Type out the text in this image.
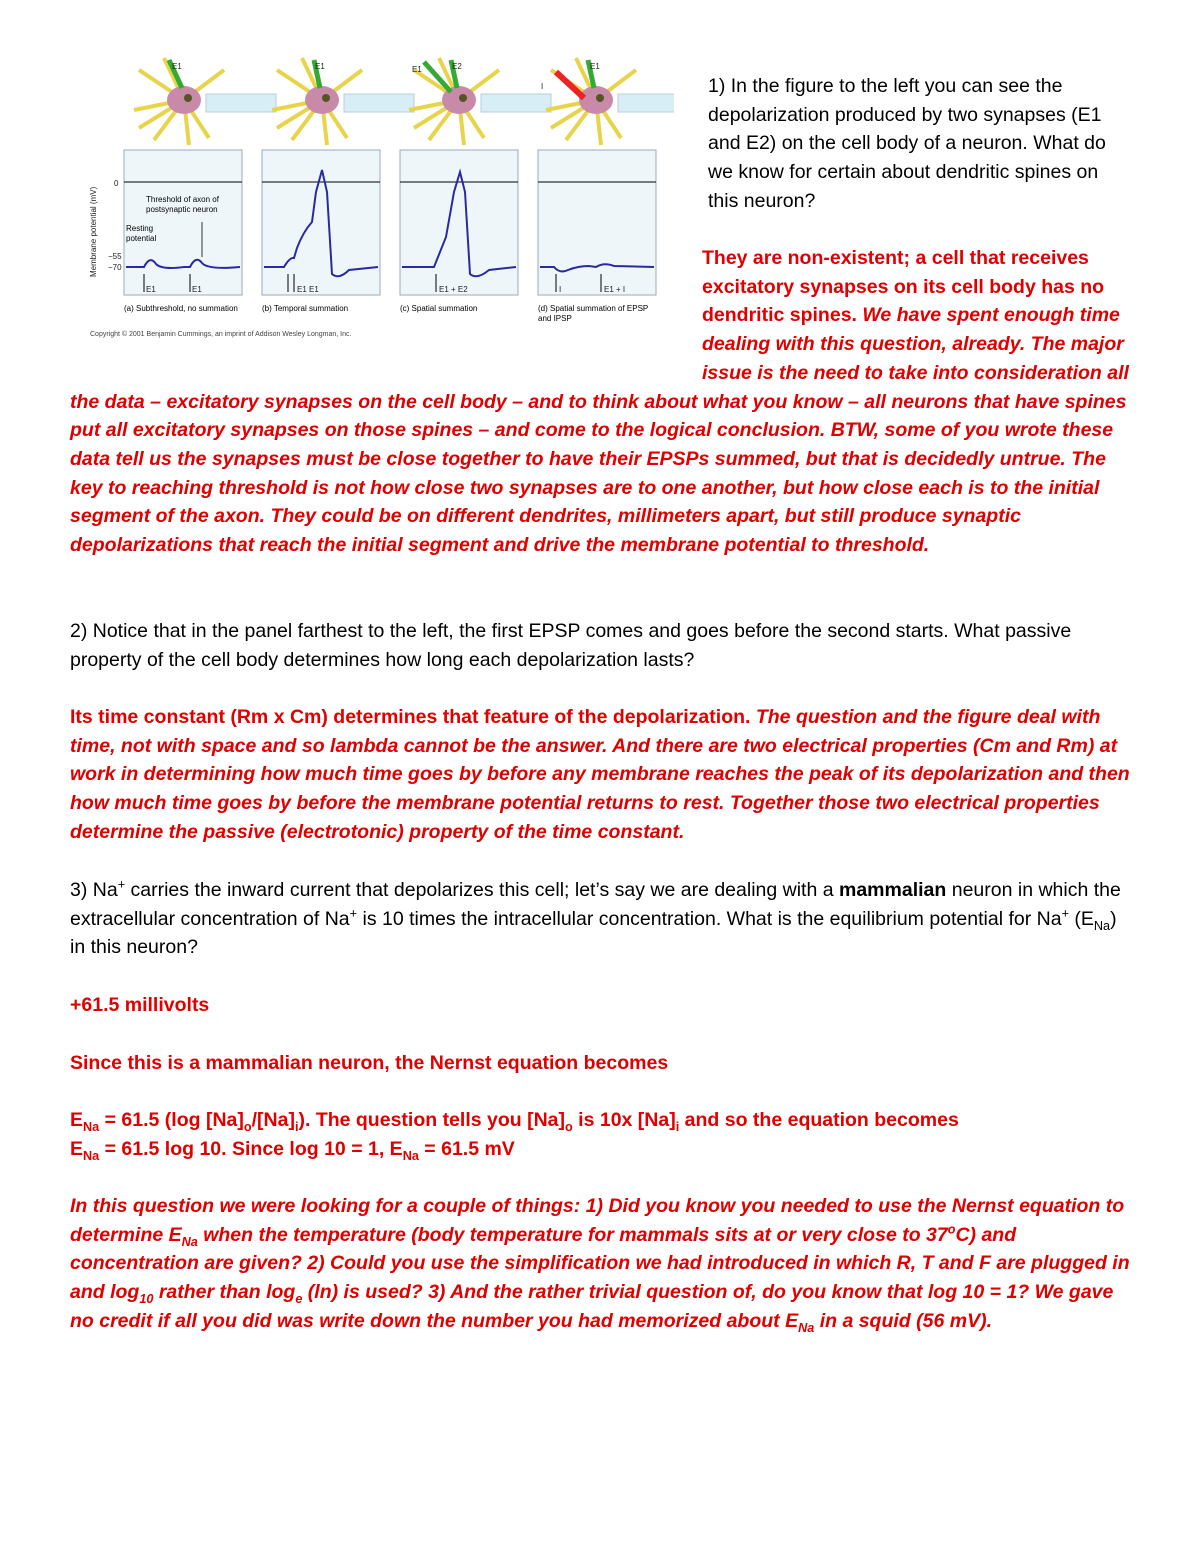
E1	E1	E2
E1
I
E1
Membrane potential (mV)
0
−55
−70
Threshold of axon of postsynaptic neuron
Resting potential
E1	E1	E1 E1	E1 + E2	I	E1 + I
(a) Subthreshold, no summation	(b) Temporal summation	(c) Spatial summation	(d) Spatial summation of EPSP and IPSP
Copyright © 2001 Benjamin Cummings, an imprint of Addison Wesley Longman, Inc.
1) In the figure to the left you can see the depolarization produced by two synapses (E1 and E2) on the cell body of a neuron. What do we know for certain about dendritic spines on this neuron?
They are non-existent; a cell that receives excitatory synapses on its cell body has no dendritic spines. We have spent enough time dealing with this question, already. The major issue is the need to take into consideration all the data – excitatory synapses on the cell body – and to think about what you know – all neurons that have spines put all excitatory synapses on those spines – and come to the logical conclusion. BTW, some of you wrote these data tell us the synapses must be close together to have their EPSPs summed, but that is decidedly untrue. The key to reaching threshold is not how close two synapses are to one another, but how close each is to the initial segment of the axon. They could be on different dendrites, millimeters apart, but still produce synaptic depolarizations that reach the initial segment and drive the membrane potential to threshold.
2) Notice that in the panel farthest to the left, the first EPSP comes and goes before the second starts. What passive property of the cell body determines how long each depolarization lasts?
Its time constant (Rm x Cm) determines that feature of the depolarization. The question and the figure deal with time, not with space and so lambda cannot be the answer. And there are two electrical properties (Cm and Rm) at work in determining how much time goes by before any membrane reaches the peak of its depolarization and then how much time goes by before the membrane potential returns to rest. Together those two electrical properties determine the passive (electrotonic) property of the time constant.
3) Na+ carries the inward current that depolarizes this cell; let’s say we are dealing with a mammalian neuron in which the extracellular concentration of Na+ is 10 times the intracellular concentration. What is the equilibrium potential for Na+ $(E_{Na})$ in this neuron?
+61.5 millivolts
Since this is a mammalian neuron, the Nernst equation becomes
$E_{Na} = 61.5$ (log $[Na]_o/[Na]_i$). The question tells you $[Na]_o$ is 10x $[Na]_i$ and so the equation becomes
$E_{Na} = 61.5$ log 10. Since log 10 = 1, $E_{Na} = 61.5$ mV
In this question we were looking for a couple of things: 1) Did you know you needed to use the Nernst equation to determine $E_{Na}$ when the temperature (body temperature for mammals sits at or very close to 37$^o$C) and concentration are given? 2) Could you use the simplification we had introduced in which R, T and F are plugged in and $\log_{10}$ rather than $\log_e (\ln)$ is used? 3) And the rather trivial question of, do you know that log 10 = 1? We gave no credit if all you did was write down the number you had memorized about $E_{Na}$ in a squid (56 mV).
